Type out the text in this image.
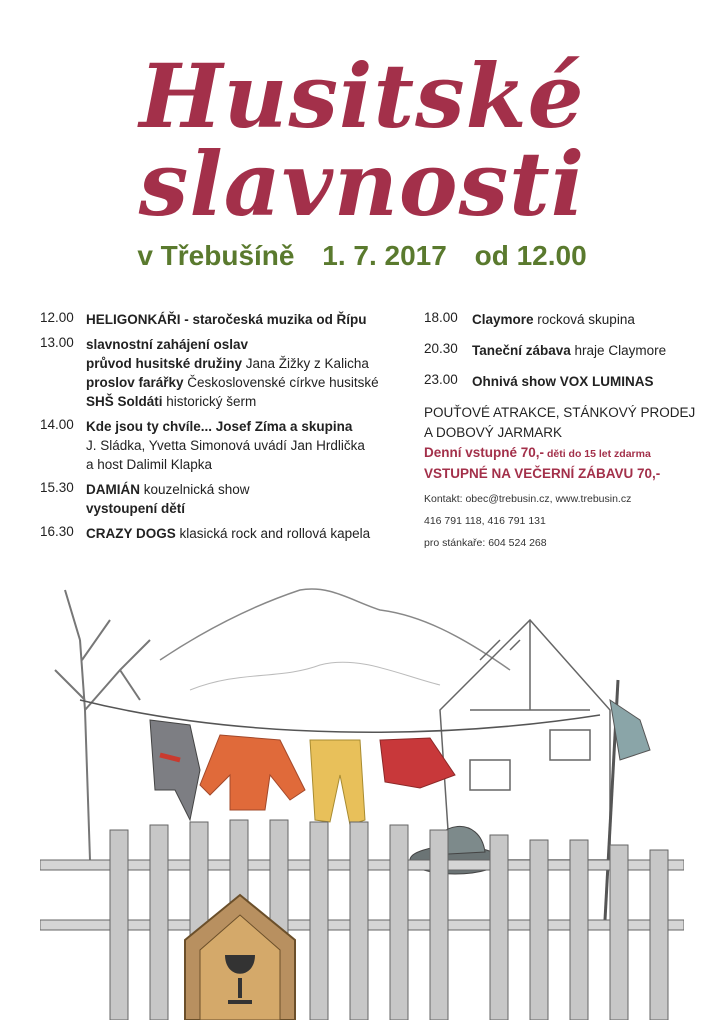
Husitské
slavnosti
v Třebušíně 1. 7. 2017 od 12.00
12.00 HELIGONKÁŘI - staročeská muzika od Řípu
13.00 slavnostní zahájení oslav
průvod husitské družiny Jana Žižky z Kalicha
proslov farářky Československé církve husitské
SHŠ Soldáti historický šerm
14.00 Kde jsou ty chvíle... Josef Zíma a skupina
J. Sládka, Yvetta Simonová uvádí Jan Hrdlička
a host Dalimil Klapka
15.30 DAMIÁN kouzelnická show
vystoupení dětí
16.30 CRAZY DOGS klasická rock and rollová kapela
18.00	Claymore rocková skupina
20.30	Taneční zábava hraje Claymore
23.00	Ohnivá show VOX LUMINAS
POUŤOVÉ ATRAKCE, STÁNKOVÝ PRODEJ
A DOBOVÝ JARMARK
Denní vstupné 70,- děti do 15 let zdarma
VSTUPNÉ NA VEČERNÍ ZÁBAVU 70,-
Kontakt: obec@trebusin.cz, www.trebusin.cz
416 791 118, 416 791 131
pro stánkaře: 604 524 268
